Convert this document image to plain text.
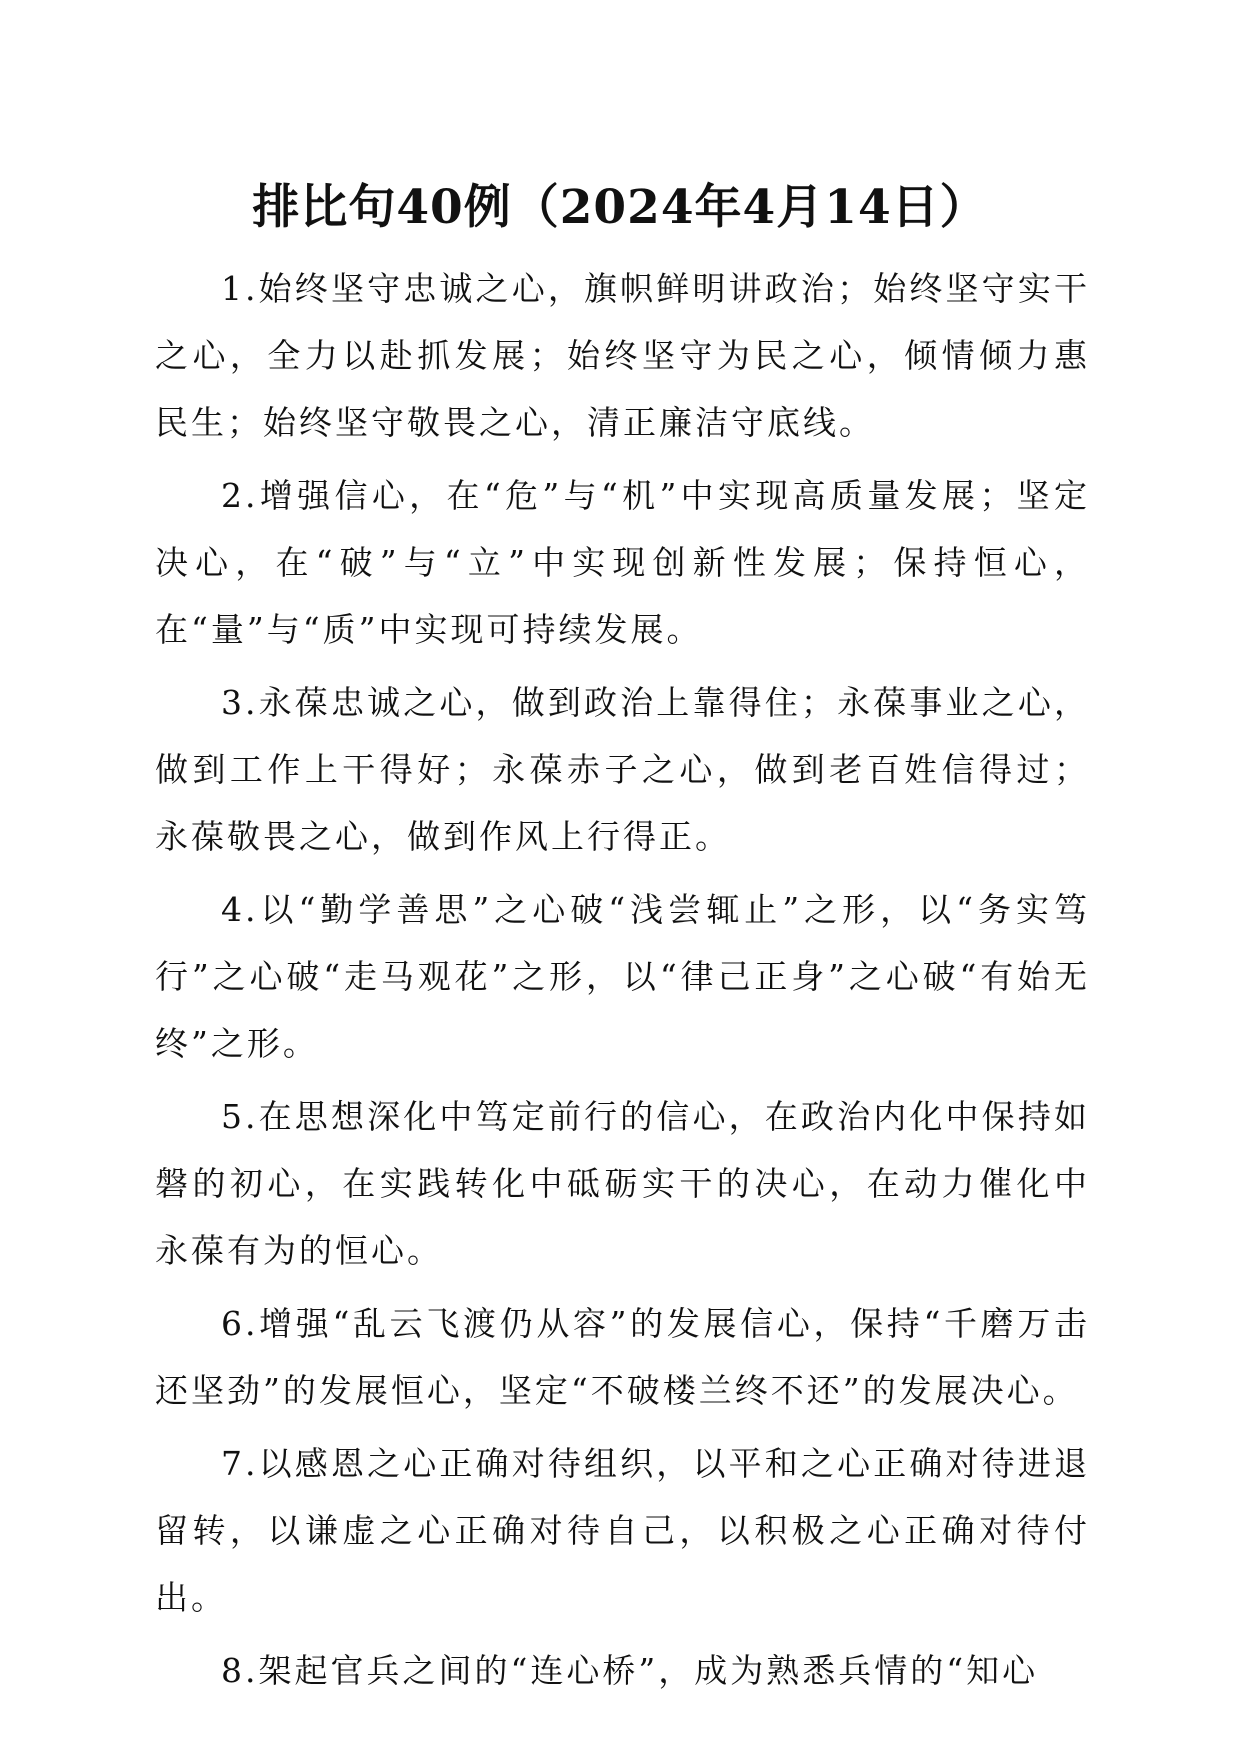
排比句40例（2024年4月14日）

1.始终坚守忠诚之心，旗帜鲜明讲政治；始终坚守实干之心，全力以赴抓发展；始终坚守为民之心，倾情倾力惠民生；始终坚守敬畏之心，清正廉洁守底线。

2.增强信心，在“危”与“机”中实现高质量发展；坚定决心，在“破”与“立”中实现创新性发展；保持恒心，在“量”与“质”中实现可持续发展。

3.永葆忠诚之心，做到政治上靠得住；永葆事业之心，做到工作上干得好；永葆赤子之心，做到老百姓信得过；永葆敬畏之心，做到作风上行得正。

4.以“勤学善思”之心破“浅尝辄止”之形，以“务实笃行”之心破“走马观花”之形，以“律己正身”之心破“有始无终”之形。

5.在思想深化中笃定前行的信心，在政治内化中保持如磐的初心，在实践转化中砥砺实干的决心，在动力催化中永葆有为的恒心。

6.增强“乱云飞渡仍从容”的发展信心，保持“千磨万击还坚劲”的发展恒心，坚定“不破楼兰终不还”的发展决心。

7.以感恩之心正确对待组织，以平和之心正确对待进退留转，以谦虚之心正确对待自己，以积极之心正确对待付出。

8.架起官兵之间的“连心桥”，成为熟悉兵情的“知心
